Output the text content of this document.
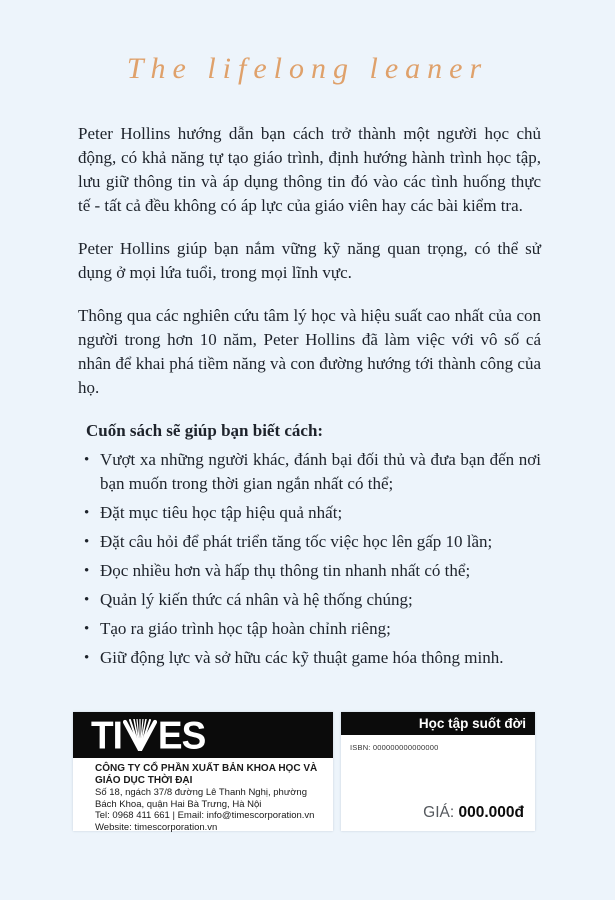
The lifelong leaner

Peter Hollins hướng dẫn bạn cách trở thành một người học chủ động, có khả năng tự tạo giáo trình, định hướng hành trình học tập, lưu giữ thông tin và áp dụng thông tin đó vào các tình huống thực tế - tất cả đều không có áp lực của giáo viên hay các bài kiểm tra.

Peter Hollins giúp bạn nắm vững kỹ năng quan trọng, có thể sử dụng ở mọi lứa tuổi, trong mọi lĩnh vực.

Thông qua các nghiên cứu tâm lý học và hiệu suất cao nhất của con người trong hơn 10 năm, Peter Hollins đã làm việc với vô số cá nhân để khai phá tiềm năng và con đường hướng tới thành công của họ.

Cuốn sách sẽ giúp bạn biết cách:

• Vượt xa những người khác, đánh bại đối thủ và đưa bạn đến nơi bạn muốn trong thời gian ngắn nhất có thể;
• Đặt mục tiêu học tập hiệu quả nhất;
• Đặt câu hỏi để phát triển tăng tốc việc học lên gấp 10 lần;
• Đọc nhiều hơn và hấp thụ thông tin nhanh nhất có thể;
• Quản lý kiến thức cá nhân và hệ thống chúng;
• Tạo ra giáo trình học tập hoàn chỉnh riêng;
• Giữ động lực và sở hữu các kỹ thuật game hóa thông minh.
TI ES
CÔNG TY CỔ PHẦN XUẤT BẢN KHOA HỌC VÀ
GIÁO DỤC THỜI ĐẠI
Số 18, ngách 37/8 đường Lê Thanh Nghị, phường
Bách Khoa, quận Hai Bà Trưng, Hà Nội
Tel: 0968 411 661 | Email: info@timescorporation.vn
Website: timescorporation.vn
Học tập suốt đời
ISBN: 000000000000000
GIÁ: 000.000đ
